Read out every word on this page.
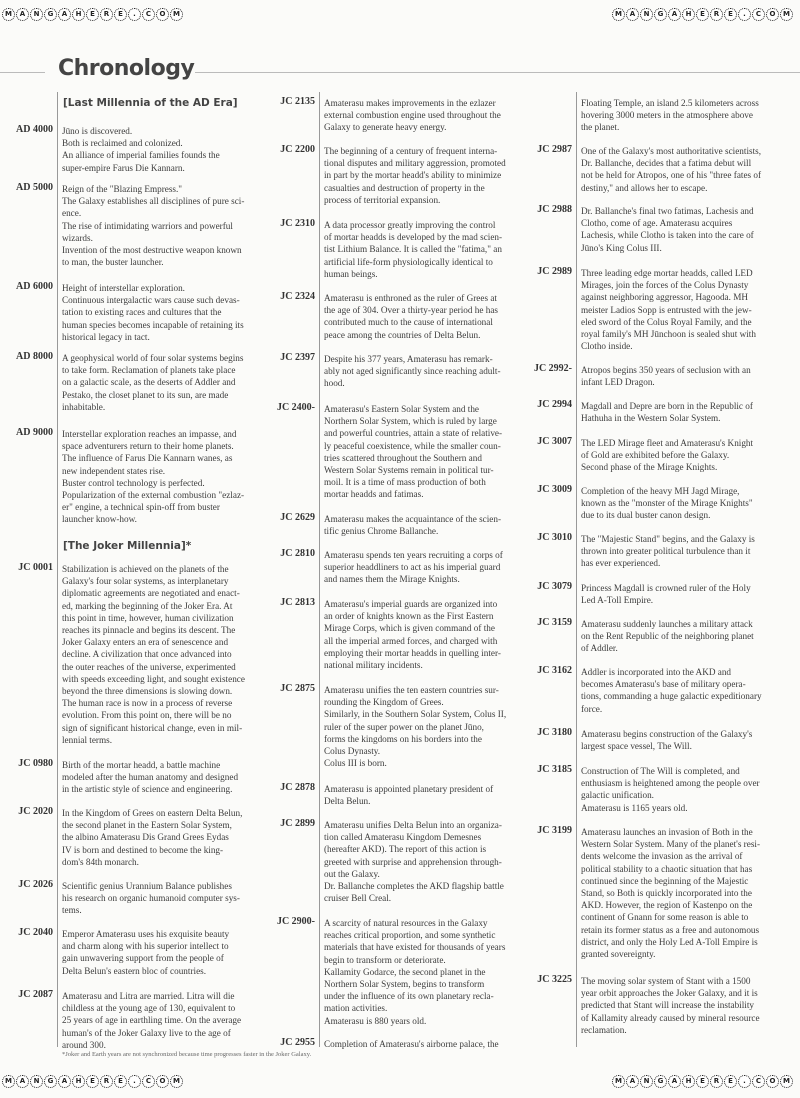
M	A	N	G	A	H	E	R	E	.	C	O	M	M	A	N	G	A	H	E	R	E	.	C	O	M
M	A	N	G	A	H	E	R	E	.	C	O	M	M	A	N	G	A	H	E	R	E	.	C	O	M
Chronology
[Last Millennia of the AD Era]
AD 4000 Jūno is discovered.
Both is reclaimed and colonized.
An alliance of imperial families founds the
super-empire Farus Die Kannarn.
AD 5000 Reign of the "Blazing Empress."
The Galaxy establishes all disciplines of pure sci-
ence.
The rise of intimidating warriors and powerful
wizards.
Invention of the most destructive weapon known
to man, the buster launcher.
AD 6000 Height of interstellar exploration.
Continuous intergalactic wars cause such devas-
tation to existing races and cultures that the
human species becomes incapable of retaining its
historical legacy in tact.
AD 8000 A geophysical world of four solar systems begins
to take form. Reclamation of planets take place
on a galactic scale, as the deserts of Addler and
Pestako, the closet planet to its sun, are made
inhabitable.
AD 9000 Interstellar exploration reaches an impasse, and
space adventurers return to their home planets.
The influence of Farus Die Kannarn wanes, as
new independent states rise.
Buster control technology is perfected.
Popularization of the external combustion "ezlaz-
er" engine, a technical spin-off from buster
launcher know-how.
[The Joker Millennia]*
JC 0001 Stabilization is achieved on the planets of the
Galaxy's four solar systems, as interplanetary
diplomatic agreements are negotiated and enact-
ed, marking the beginning of the Joker Era. At
this point in time, however, human civilization
reaches its pinnacle and begins its descent. The
Joker Galaxy enters an era of senescence and
decline. A civilization that once advanced into
the outer reaches of the universe, experimented
with speeds exceeding light, and sought existence
beyond the three dimensions is slowing down.
The human race is now in a process of reverse
evolution. From this point on, there will be no
sign of significant historical change, even in mil-
lennial terms.
JC 0980 Birth of the mortar headd, a battle machine
modeled after the human anatomy and designed
in the artistic style of science and engineering.
JC 2020 In the Kingdom of Grees on eastern Delta Belun,
the second planet in the Eastern Solar System,
the albino Amaterasu Dis Grand Grees Eydas
IV is born and destined to become the king-
dom's 84th monarch.
JC 2026 Scientific genius Urannium Balance publishes
his research on organic humanoid computer sys-
tems.
JC 2040 Emperor Amaterasu uses his exquisite beauty
and charm along with his superior intellect to
gain unwavering support from the people of
Delta Belun's eastern bloc of countries.
JC 2087 Amaterasu and Litra are married. Litra will die
childless at the young age of 130, equivalent to
25 years of age in earthling time. On the average
human's of the Joker Galaxy live to the age of
around 300.
JC 2135 Amaterasu makes improvements in the ezlazer
external combustion engine used throughout the
Galaxy to generate heavy energy.
JC 2200 The beginning of a century of frequent interna-
tional disputes and military aggression, promoted
in part by the mortar headd's ability to minimize
casualties and destruction of property in the
process of territorial expansion.
JC 2310 A data processor greatly improving the control
of mortar headds is developed by the mad scien-
tist Lithium Balance. It is called the "fatima," an
artificial life-form physiologically identical to
human beings.
JC 2324 Amaterasu is enthroned as the ruler of Grees at
the age of 304. Over a thirty-year period he has
contributed much to the cause of international
peace among the countries of Delta Belun.
JC 2397 Despite his 377 years, Amaterasu has remark-
ably not aged significantly since reaching adult-
hood.
JC 2400- Amaterasu's Eastern Solar System and the
Northern Solar System, which is ruled by large
and powerful countries, attain a state of relative-
ly peaceful coexistence, while the smaller coun-
tries scattered throughout the Southern and
Western Solar Systems remain in political tur-
moil. It is a time of mass production of both
mortar headds and fatimas.
JC 2629 Amaterasu makes the acquaintance of the scien-
tific genius Chrome Ballanche.
JC 2810 Amaterasu spends ten years recruiting a corps of
superior headdliners to act as his imperial guard
and names them the Mirage Knights.
JC 2813 Amaterasu's imperial guards are organized into
an order of knights known as the First Eastern
Mirage Corps, which is given command of the
all the imperial armed forces, and charged with
employing their mortar headds in quelling inter-
national military incidents.
JC 2875 Amaterasu unifies the ten eastern countries sur-
rounding the Kingdom of Grees.
Similarly, in the Southern Solar System, Colus II,
ruler of the super power on the planet Jūno,
forms the kingdoms on his borders into the
Colus Dynasty.
Colus III is born.
JC 2878 Amaterasu is appointed planetary president of
Delta Belun.
JC 2899 Amaterasu unifies Delta Belun into an organiza-
tion called Amaterasu Kingdom Demesnes
(hereafter AKD). The report of this action is
greeted with surprise and apprehension through-
out the Galaxy.
Dr. Ballanche completes the AKD flagship battle
cruiser Bell Creal.
JC 2900- A scarcity of natural resources in the Galaxy
reaches critical proportion, and some synthetic
materials that have existed for thousands of years
begin to transform or deteriorate.
Kallamity Godarce, the second planet in the
Northern Solar System, begins to transform
under the influence of its own planetary recla-
mation activities.
Amaterasu is 880 years old.
JC 2955 Completion of Amaterasu's airborne palace, the
Floating Temple, an island 2.5 kilometers across
hovering 3000 meters in the atmosphere above
the planet.
JC 2987 One of the Galaxy's most authoritative scientists,
Dr. Ballanche, decides that a fatima debut will
not be held for Atropos, one of his "three fates of
destiny," and allows her to escape.
JC 2988 Dr. Ballanche's final two fatimas, Lachesis and
Clotho, come of age. Amaterasu acquires
Lachesis, while Clotho is taken into the care of
Jūno's King Colus III.
JC 2989 Three leading edge mortar headds, called LED
Mirages, join the forces of the Colus Dynasty
against neighboring aggressor, Hagooda. MH
meister Ladios Sopp is entrusted with the jew-
eled sword of the Colus Royal Family, and the
royal family's MH Jūnchoon is sealed shut with
Clotho inside.
JC 2992- Atropos begins 350 years of seclusion with an
infant LED Dragon.
JC 2994 Magdall and Depre are born in the Republic of
Hathuha in the Western Solar System.
JC 3007 The LED Mirage fleet and Amaterasu's Knight
of Gold are exhibited before the Galaxy.
Second phase of the Mirage Knights.
JC 3009 Completion of the heavy MH Jagd Mirage,
known as the "monster of the Mirage Knights"
due to its dual buster canon design.
JC 3010 The "Majestic Stand" begins, and the Galaxy is
thrown into greater political turbulence than it
has ever experienced.
JC 3079 Princess Magdall is crowned ruler of the Holy
Led A-Toll Empire.
JC 3159 Amaterasu suddenly launches a military attack
on the Rent Republic of the neighboring planet
of Addler.
JC 3162 Addler is incorporated into the AKD and
becomes Amaterasu's base of military opera-
tions, commanding a huge galactic expeditionary
force.
JC 3180 Amaterasu begins construction of the Galaxy's
largest space vessel, The Will.
JC 3185 Construction of The Will is completed, and
enthusiasm is heightened among the people over
galactic unification.
Amaterasu is 1165 years old.
JC 3199 Amaterasu launches an invasion of Both in the
Western Solar System. Many of the planet's resi-
dents welcome the invasion as the arrival of
political stability to a chaotic situation that has
continued since the beginning of the Majestic
Stand, so Both is quickly incorporated into the
AKD. However, the region of Kastenpo on the
continent of Gnann for some reason is able to
retain its former status as a free and autonomous
district, and only the Holy Led A-Toll Empire is
granted sovereignty.
JC 3225 The moving solar system of Stant with a 1500
year orbit approaches the Joker Galaxy, and it is
predicted that Stant will increase the instability
of Kallamity already caused by mineral resource
reclamation.
*Joker and Earth years are not synchronized because time progresses faster in the Joker Galaxy.
